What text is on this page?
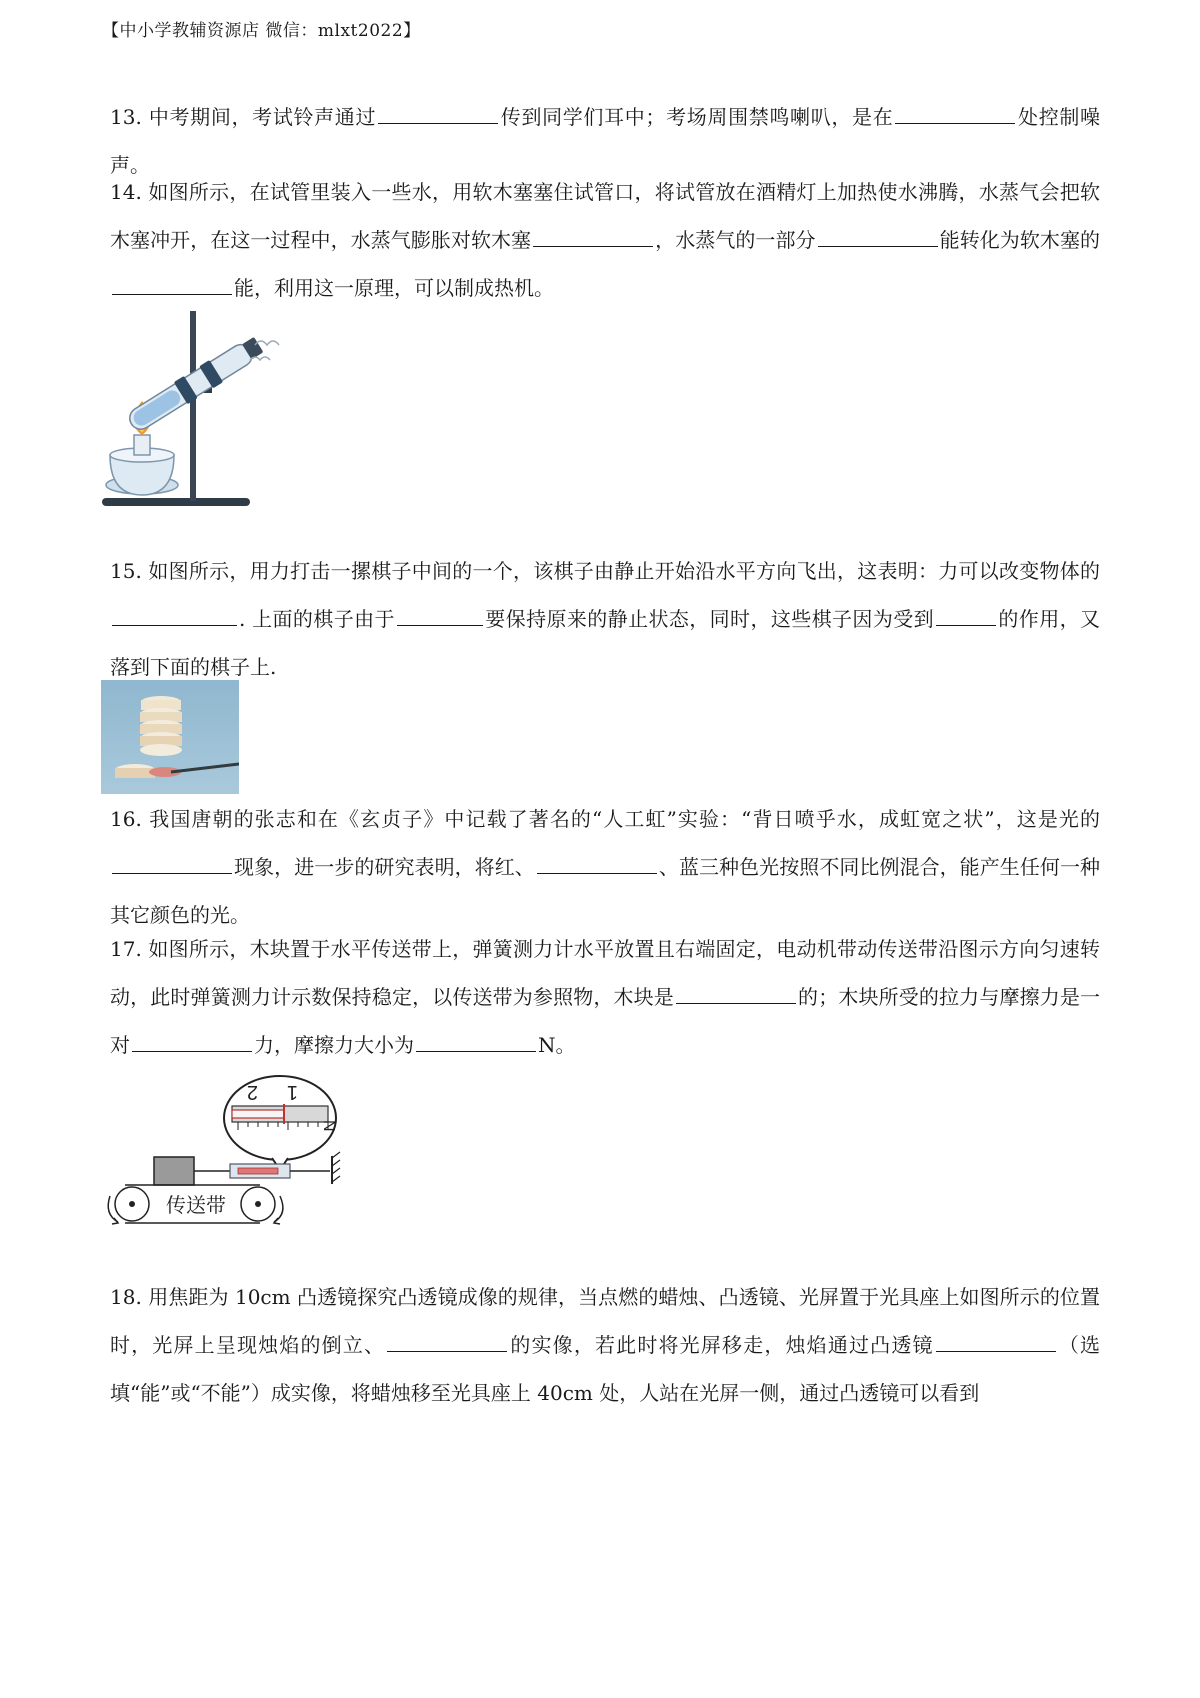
【中小学教辅资源店 微信：mlxt2022】

13. 中考期间，考试铃声通过	传到同学们耳中；考场周围禁鸣喇叭，是在	处控制噪声。

14. 如图所示，在试管里装入一些水，用软木塞塞住试管口，将试管放在酒精灯上加热使水沸腾，水蒸气会把软木塞冲开，在这一过程中，水蒸气膨胀对软木塞	，水蒸气的一部分	能转化为软木塞的能，利用这一原理，可以制成热机。

15. 如图所示，用力打击一摞棋子中间的一个，该棋子由静止开始沿水平方向飞出，这表明：力可以改变物体的. 上面的棋子由于	要保持原来的静止状态，同时，这些棋子因为受到	的作用，又落到下面的棋子上.

16. 我国唐朝的张志和在《玄贞子》中记载了著名的“人工虹”实验：“背日喷乎水，成虹宽之状”，这是光的现象，进一步的研究表明，将红、	、蓝三种色光按照不同比例混合，能产生任何一种其它颜色的光。

17. 如图所示，木块置于水平传送带上，弹簧测力计水平放置且右端固定，电动机带动传送带沿图示方向匀速转动，此时弹簧测力计示数保持稳定，以传送带为参照物，木块是	的；木块所受的拉力与摩擦力是一对	力，摩擦力大小为	N。

2 1
N
传送带

18. 用焦距为 10cm 凸透镜探究凸透镜成像的规律，当点燃的蜡烛、凸透镜、光屏置于光具座上如图所示的位置时，光屏上呈现烛焰的倒立、	的实像，若此时将光屏移走，烛焰通过凸透镜	（选填“能”或“不能”）成实像，将蜡烛移至光具座上 40cm 处，人站在光屏一侧，通过凸透镜可以看到
